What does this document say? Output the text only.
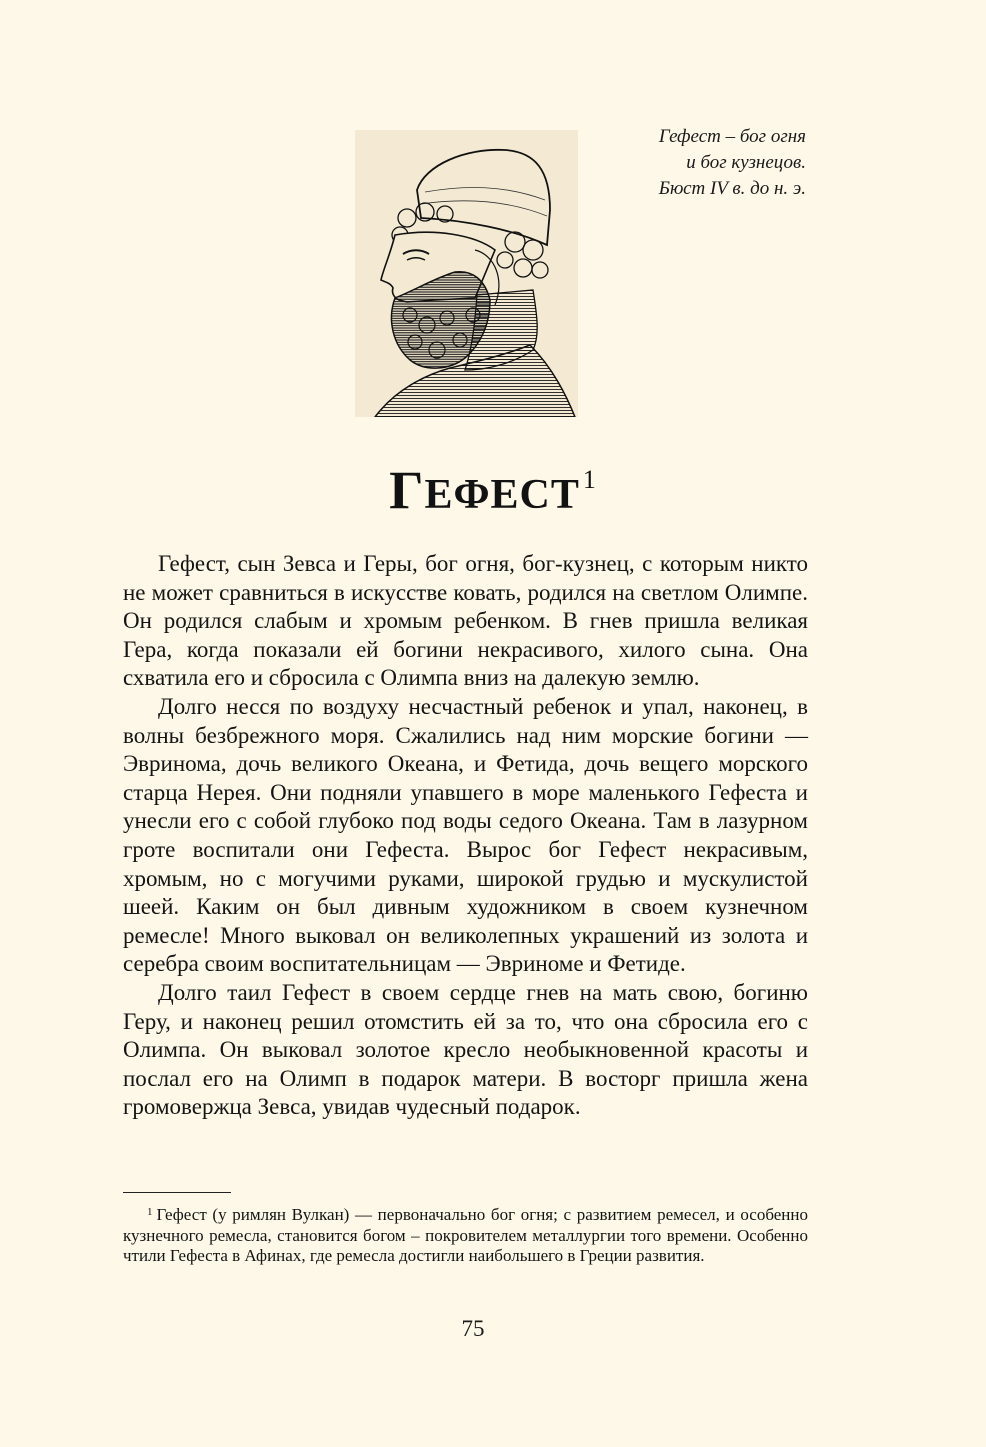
Гефест – бог огня
и бог кузнецов.
Бюст IV в. до н. э.
ГЕФЕСТ $^1$

Гефест, сын Зевса и Геры, бог огня, бог-кузнец, с которым никто не может сравниться в искусстве ковать, родился на светлом Олимпе. Он родился слабым и хромым ребенком. В гнев пришла великая Гера, когда показали ей богини некрасивого, хилого сына. Она схватила его и сбросила с Олимпа вниз на далекую землю.

Долго несся по воздуху несчастный ребенок и упал, наконец, в волны безбрежного моря. Сжалились над ним морские богини — Эвринома, дочь великого Океана, и Фетида, дочь вещего морского старца Нерея. Они подняли упавшего в море маленького Гефеста и унесли его с собой глубоко под воды седого Океана. Там в лазурном гроте воспитали они Гефеста. Вырос бог Гефест некрасивым, хромым, но с могучими руками, широкой грудью и мускулистой шеей. Каким он был дивным художником в своем кузнечном ремесле! Много выковал он великолепных украшений из золота и серебра своим воспитательницам — Эвриноме и Фетиде.

Долго таил Гефест в своем сердце гнев на мать свою, богиню Геру, и наконец решил отомстить ей за то, что она сбросила его с Олимпа. Он выковал золотое кресло необыкновенной красоты и послал его на Олимп в подарок матери. В восторг пришла жена громовержца Зевса, увидав чудесный подарок.

$^1$ Гефест (у римлян Вулкан) — первоначально бог огня; с развитием ремесел, и особенно кузнечного ремесла, становится богом – покровителем металлургии того времени. Особенно чтили Гефеста в Афинах, где ремесла достигли наибольшего в Греции развития.
75
